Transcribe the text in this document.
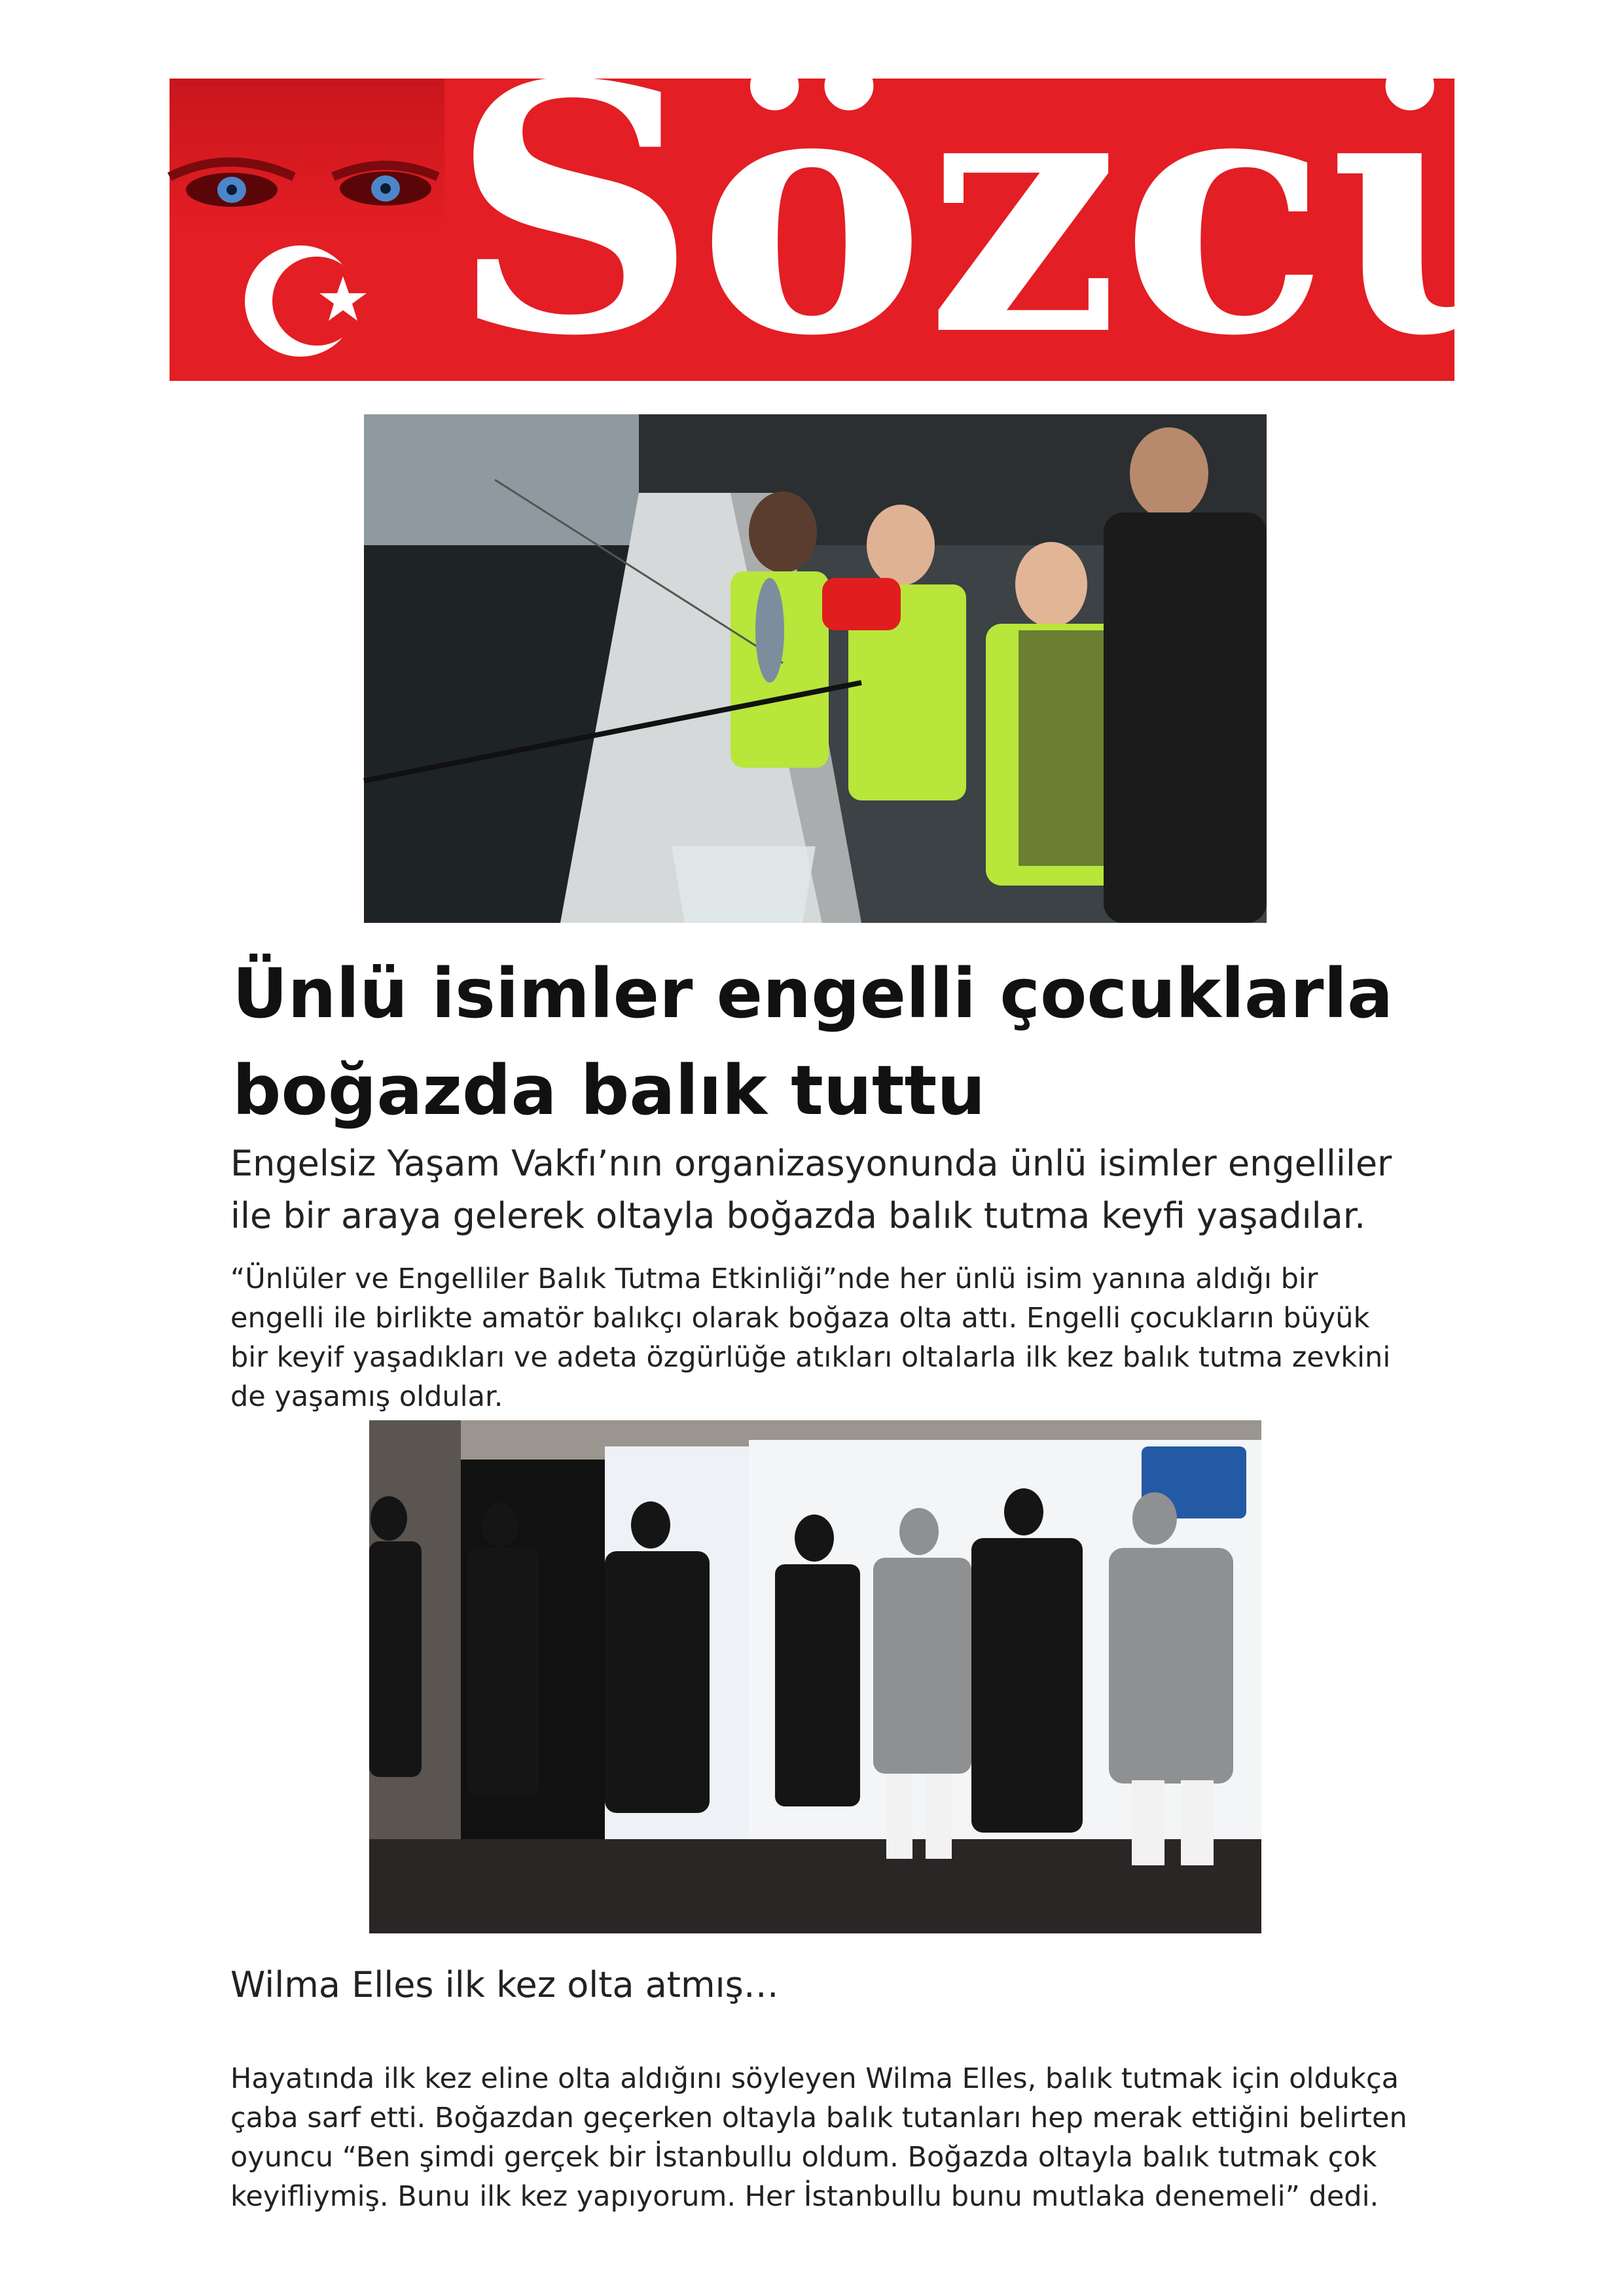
Sözcü
Ünlü isimler engelli çocuklarla
boğazda balık tuttu

Engelsiz Yaşam Vakfı’nın organizasyonunda ünlü isimler engelliler ile bir araya gelerek oltayla boğazda balık tutma keyfi yaşadılar.

“Ünlüler ve Engelliler Balık Tutma Etkinliği”nde her ünlü isim yanına aldığı bir engelli ile birlikte amatör balıkçı olarak boğaza olta attı. Engelli çocukların büyük bir keyif yaşadıkları ve adeta özgürlüğe atıkları oltalarla ilk kez balık tutma zevkini de yaşamış oldular.

Wilma Elles ilk kez olta atmış…

Hayatında ilk kez eline olta aldığını söyleyen Wilma Elles, balık tutmak için oldukça çaba sarf etti. Boğazdan geçerken oltayla balık tutanları hep merak ettiğini belirten oyuncu “Ben şimdi gerçek bir İstanbullu oldum. Boğazda oltayla balık tutmak çok keyifliymiş. Bunu ilk kez yapıyorum. Her İstanbullu bunu mutlaka denemeli” dedi.
